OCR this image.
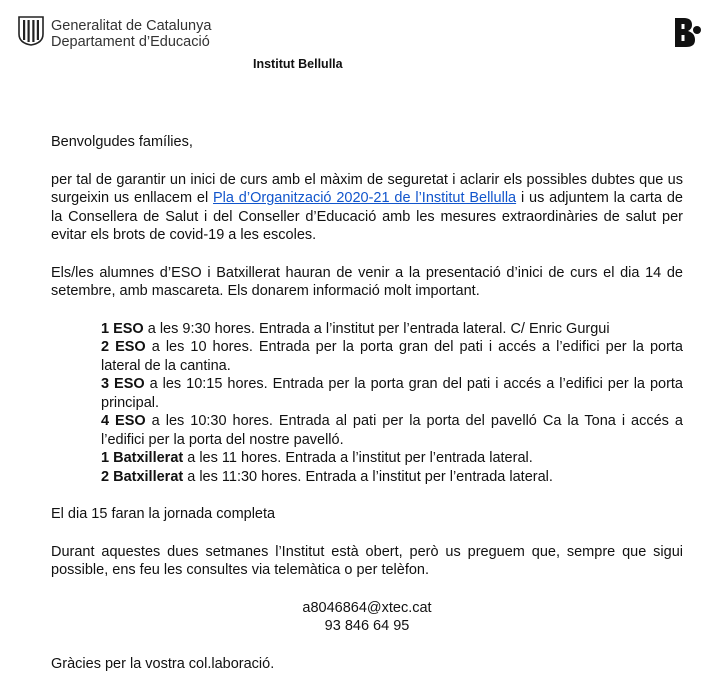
Generalitat de Catalunya
Departament d’Educació
Institut Bellulla

Benvolgudes famílies,

per tal de garantir un inici de curs amb el màxim de seguretat i aclarir els possibles dubtes que us surgeixin us enllacem el Pla d’Organització 2020-21 de l’Institut Bellulla i us adjuntem la carta de la Consellera de Salut i del Conseller d’Educació amb les mesures extraordinàries de salut per evitar els brots de covid-19 a les escoles.

Els/les alumnes d’ESO i Batxillerat hauran de venir a la presentació d’inici de curs el dia 14 de setembre, amb mascareta. Els donarem informació molt important.

1 ESO a les 9:30 hores. Entrada a l’institut per l’entrada lateral. C/ Enric Gurgui
2 ESO a les 10 hores. Entrada per la porta gran del pati i accés a l’edifici per la porta lateral de la cantina.
3 ESO a les 10:15 hores. Entrada per la porta gran del pati i accés a l’edifici per la porta principal.
4 ESO a les 10:30 hores. Entrada al pati per la porta del pavelló Ca la Tona i accés a l’edifici per la porta del nostre pavelló.
1 Batxillerat a les 11 hores. Entrada a l’institut per l’entrada lateral.
2 Batxillerat a les 11:30 hores. Entrada a l’institut per l’entrada lateral.

El dia 15 faran la jornada completa

Durant aquestes dues setmanes l’Institut està obert, però us preguem que, sempre que sigui possible, ens feu les consultes via telemàtica o per telèfon.

a8046864@xtec.cat

93 846 64 95

Gràcies per la vostra col.laboració.
